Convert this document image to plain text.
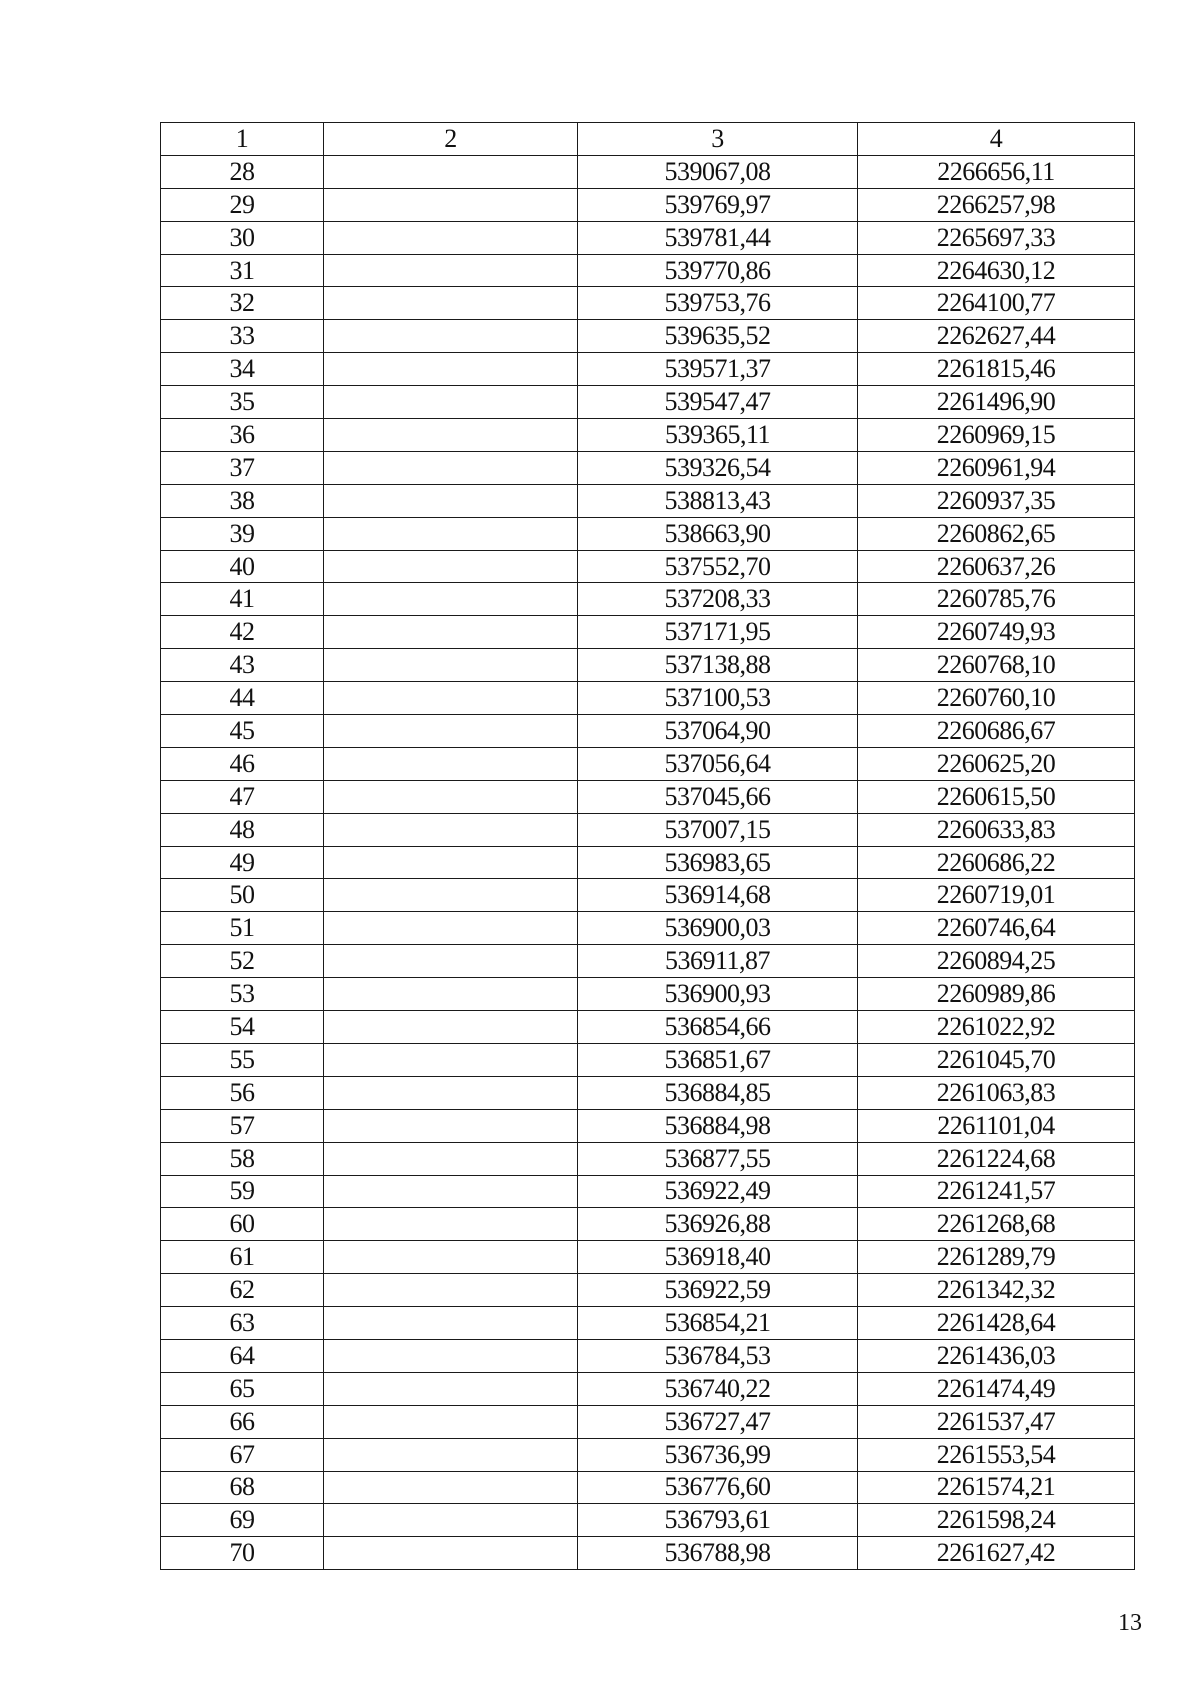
1	2	3	4
28		539067,08	2266656,11
29		539769,97	2266257,98
30		539781,44	2265697,33
31		539770,86	2264630,12
32		539753,76	2264100,77
33		539635,52	2262627,44
34		539571,37	2261815,46
35		539547,47	2261496,90
36		539365,11	2260969,15
37		539326,54	2260961,94
38		538813,43	2260937,35
39		538663,90	2260862,65
40		537552,70	2260637,26
41		537208,33	2260785,76
42		537171,95	2260749,93
43		537138,88	2260768,10
44		537100,53	2260760,10
45		537064,90	2260686,67
46		537056,64	2260625,20
47		537045,66	2260615,50
48		537007,15	2260633,83
49		536983,65	2260686,22
50		536914,68	2260719,01
51		536900,03	2260746,64
52		536911,87	2260894,25
53		536900,93	2260989,86
54		536854,66	2261022,92
55		536851,67	2261045,70
56		536884,85	2261063,83
57		536884,98	2261101,04
58		536877,55	2261224,68
59		536922,49	2261241,57
60		536926,88	2261268,68
61		536918,40	2261289,79
62		536922,59	2261342,32
63		536854,21	2261428,64
64		536784,53	2261436,03
65		536740,22	2261474,49
66		536727,47	2261537,47
67		536736,99	2261553,54
68		536776,60	2261574,21
69		536793,61	2261598,24
70		536788,98	2261627,42
13
